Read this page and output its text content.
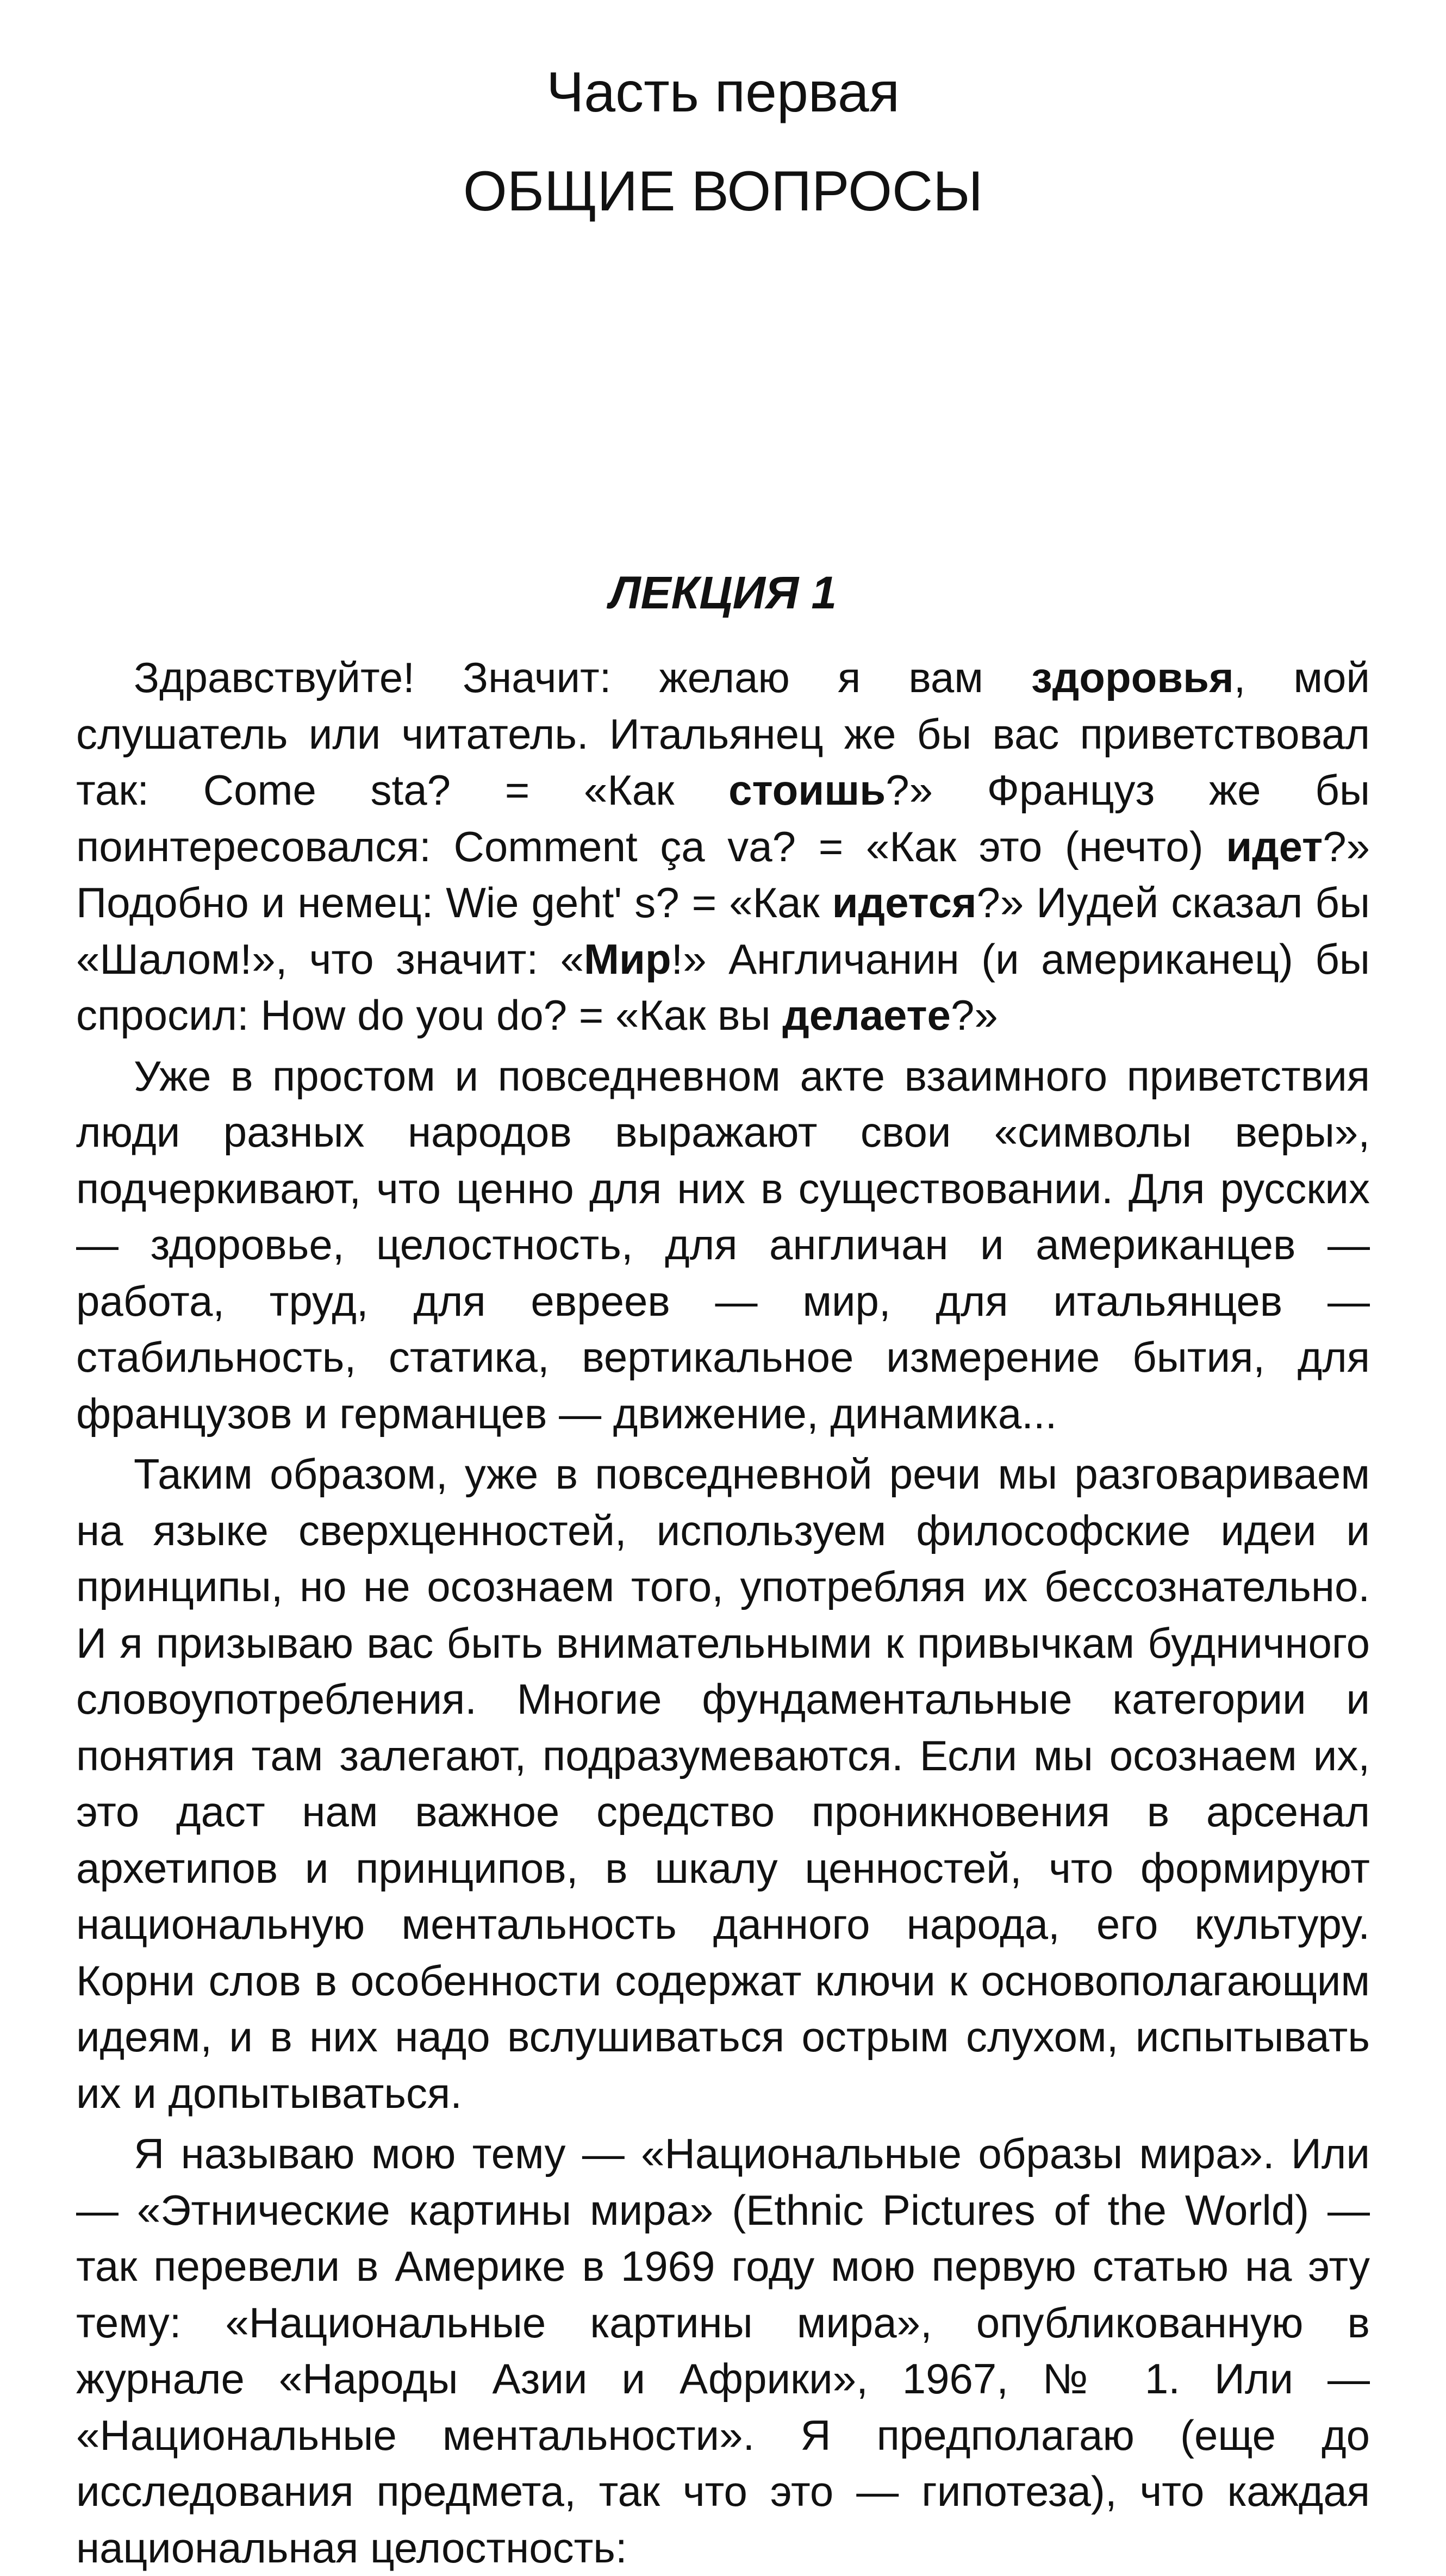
Часть первая
ОБЩИЕ ВОПРОСЫ
ЛЕКЦИЯ 1

Здравствуйте! Значит: желаю я вам здоровья, мой слушатель или читатель. Итальянец же бы вас приветствовал так: Come sta? = «Как стоишь?» Француз же бы поинтересовался: Comment ça va? = «Как это (нечто) идет?» Подобно и немец: Wie geht' s? = «Как идется?» Иудей сказал бы «Шалом!», что значит: «Мир!» Англичанин (и американец) бы спросил: How do you do? = «Как вы делаете?»

Уже в простом и повседневном акте взаимного приветствия люди разных народов выражают свои «символы веры», подчеркивают, что ценно для них в существовании. Для русских — здоровье, целостность, для англичан и американцев — работа, труд, для евреев — мир, для итальянцев — стабильность, статика, вертикальное измерение бытия, для французов и германцев — движение, динамика...

Таким образом, уже в повседневной речи мы разговариваем на языке сверхценностей, используем философские идеи и принципы, но не осознаем того, употребляя их бессознательно. И я призываю вас быть внимательными к привычкам будничного словоупотребления. Многие фундаментальные категории и понятия там залегают, подразумеваются. Если мы осознаем их, это даст нам важное средство проникновения в арсенал архетипов и принципов, в шкалу ценностей, что формируют национальную ментальность данного народа, его культуру. Корни слов в особенности содержат ключи к основополагающим идеям, и в них надо вслушиваться острым слухом, испытывать их и допытываться.

Я называю мою тему — «Национальные образы мира». Или — «Этнические картины мира» (Ethnic Pictures of the World) — так перевели в Америке в 1969 году мою первую статью на эту тему: «Национальные картины мира», опубликованную в журнале «Народы Азии и Африки», 1967, № 1. Или — «Национальные ментальности». Я предполагаю (еще до исследования предмета, так что это — гипотеза), что каждая национальная целостность:
